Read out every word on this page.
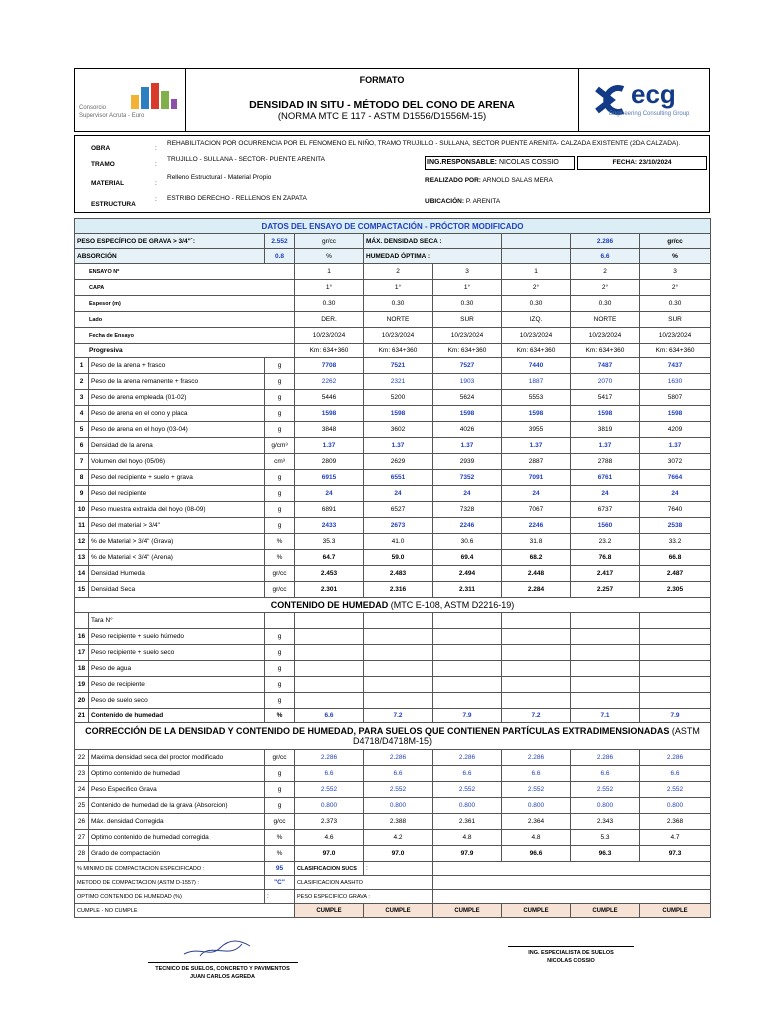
Consorcio
Supervisor Acruta - Euro
FORMATO
DENSIDAD IN SITU - MÉTODO DEL CONO DE ARENA
(NORMA MTC E 117 - ASTM D1556/D1556M-15)
ecg
Engineering Consulting Group
OBRA	:
REHABILITACION POR OCURRENCIA POR EL FENOMENO EL NIÑO, TRAMO TRUJILLO - SULLANA, SECTOR PUENTE ARENITA- CALZADA EXISTENTE (2DA CALZADA).
TRAMO	:
TRUJILLO - SULLANA - SECTOR- PUENTE ARENITA
MATERIAL	:
Relleno Estructural - Material Propio
ESTRUCTURA
: ESTRIBO DERECHO - RELLENOS EN ZAPATA
ING.RESPONSABLE: NICOLAS COSSIO	FECHA: 23/10/2024
REALIZADO POR: ARNOLD SALAS MERA
UBICACIÓN: P. ARENITA
DATOS DEL ENSAYO DE COMPACTACIÓN - PRÓCTOR MODIFICADO								
PESO ESPECÍFICO DE GRAVA > 3/4"`:		2.552	gr/cc	MÁX. DENSIDAD SECA :			2.286	gr/cc
ABSORCIÓN		0.8	%	HUMEDAD ÓPTIMA :			6.6	%
ENSAYO Nº			1	2	3	1	2	3
CAPA			1°	1°	1°	2°	2°	2°
Espesor (m)			0.30	0.30	0.30	0.30	0.30	0.30
Lado			DER.	NORTE	SUR	IZQ.	NORTE	SUR
Fecha de Ensayo			10/23/2024	10/23/2024	10/23/2024	10/23/2024	10/23/2024	10/23/2024
Progresiva			Km: 634+360	Km: 634+360	Km: 634+360	Km: 634+360	Km: 634+360	Km: 634+360
1	Peso de la arena + frasco	g	7708	7521	7527	7440	7487	7437
2	Peso de la arena remanente + frasco	g	2262	2321	1903	1887	2070	1630
3	Peso de arena empleada (01-02)	g	5446	5200	5624	5553	5417	5807
4	Peso de arena en el cono y placa	g	1598	1598	1598	1598	1598	1598
5	Peso de arena en el hoyo (03-04)	g	3848	3602	4026	3955	3819	4209
6	Densidad de la arena	g/cm³	1.37	1.37	1.37	1.37	1.37	1.37
7	Volumen del hoyo (05/06)	cm³	2809	2629	2939	2887	2788	3072
8	Peso del recipiente + suelo + grava	g	6915	6551	7352	7091	6761	7664
9	Peso del recipiente	g	24	24	24	24	24	24
10	Peso muestra extraída del hoyo (08-09)	g	6891	6527	7328	7067	6737	7640
11	Peso del material > 3/4"	g	2433	2673	2246	2246	1560	2538
12	% de Material > 3/4" (Grava)	%	35.3	41.0	30.6	31.8	23.2	33.2
13	% de Material < 3/4" (Arena)	%	64.7	59.0	69.4	68.2	76.8	66.8
14	Densidad Humeda	gr/cc	2.453	2.483	2.494	2.448	2.417	2.487
15	Densidad Seca	gr/cc	2.301	2.316	2.311	2.284	2.257	2.305
CONTENIDO DE HUMEDAD (MTC E-108, ASTM D2216-19)								
	Tara N°							
16	Peso recipiente + suelo húmedo	g						
17	Peso recipiente + suelo seco	g						
18	Peso de agua	g						
19	Peso de recipiente	g						
20	Peso de suelo seco	g						
21	Contenido de humedad	%	6.6	7.2	7.9	7.2	7.1	7.9
CORRECCIÓN DE LA DENSIDAD Y CONTENIDO DE HUMEDAD, PARA SUELOS QUE CONTIENEN PARTÍCULAS EXTRADIMENSIONADAS (ASTM D4718/D4718M-15)								
22	Maxima densidad seca del proctor modificado	gr/cc	2.286	2.286	2.286	2.286	2.286	2.286
23	Optimo contenido de humedad	g	6.6	6.6	6.6	6.6	6.6	6.6
24	Peso Especifico Grava	g	2.552	2.552	2.552	2.552	2.552	2.552
25	Contenido de humedad de la grava (Absorcion)	g	0.800	0.800	0.800	0.800	0.800	0.800
26	Máx. densidad Corregida	g/cc	2.373	2.388	2.361	2.364	2.343	2.368
27	Optimo contenido de humedad corregida	%	4.6	4.2	4.8	4.8	5.3	4.7
28	Grado de compactación	%	97.0	97.0	97.9	96.6	96.3	97.3
% MINIMO DE COMPACTACION ESPECIFICADO :		95	CLASIFICACION SUCS	:				
METODO DE COMPACTACION (ASTM D-1557) :		"C"	CLASIFICACION AASHTO					
OPTIMO CONTENIDO DE HUMEDAD (%)		:	PESO ESPECIFICO GRAVA :					
CUMPLE - NO CUMPLE			CUMPLE	CUMPLE	CUMPLE	CUMPLE	CUMPLE	CUMPLE
TECNICO DE SUELOS, CONCRETO Y PAVIMENTOS
JUAN CARLOS AGREDA
ING. ESPECIALISTA DE SUELOS
NICOLAS COSSIO
